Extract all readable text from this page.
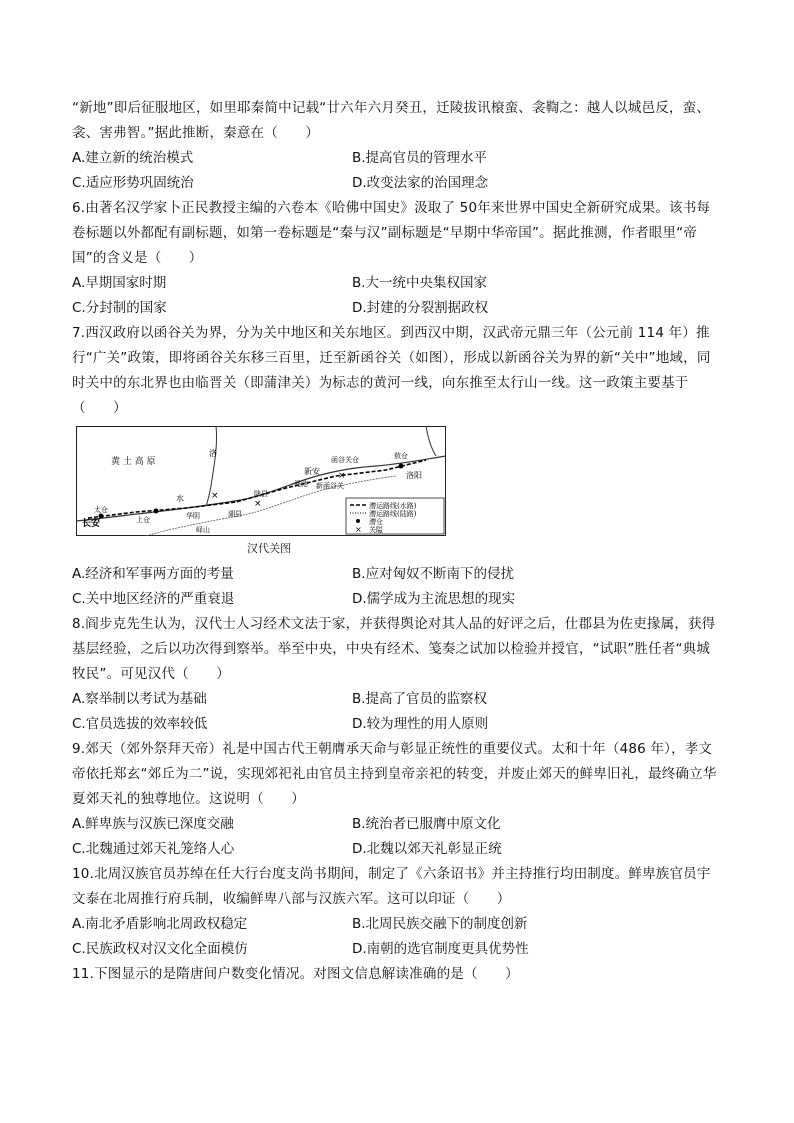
“新地”即后征服地区，如里耶秦简中记载“廿六年六月癸丑，迁陵拔讯榱蛮、衾鞫之：越人以城邑反，蛮、衾、害弗智。”据此推断，秦意在（　　）

A.建立新的统治模式	B.提高官员的管理水平
C.适应形势巩固统治	D.改变法家的治国理念

6.由著名汉学家卜正民教授主编的六卷本《哈佛中国史》汲取了 50年来世界中国史全新研究成果。该书每卷标题以外都配有副标题，如第一卷标题是“秦与汉”副标题是“早期中华帝国”。据此推测，作者眼里“帝国”的含义是（　　）

A.早期国家时期	B.大一统中央集权国家
C.分封制的国家	D.封建的分裂割据政权

7.西汉政府以函谷关为界，分为关中地区和关东地区。到西汉中期，汉武帝元鼎三年（公元前 114 年）推行“广关”政策，即将函谷关东移三百里，迁至新函谷关（如图），形成以新函谷关为界的新“关中”地域，同时关中的东北界也由临晋关（即蒲津关）为标志的黄河一线，向东推至太行山一线。这一政策主要基于（　　）

×
×
×
黄 土 高 原
洛
水
长安
太仓
上仓	华阴
峄山
湖县
陕县
渑池
新安
函谷关仓
新函谷关
敖仓
洛阳
漕运路线(水路)
漕运路线(陆路)
漕仓
× 关隘
汉代关图
A.经济和军事两方面的考量	B.应对匈奴不断南下的侵扰
C.关中地区经济的严重衰退	D.儒学成为主流思想的现实

8.阎步克先生认为，汉代士人习经术文法于家，并获得舆论对其人品的好评之后，仕郡县为佐吏掾属，获得基层经验，之后以功次得到察举。举至中央，中央有经术、笺奏之试加以检验并授官，“试职”胜任者“典城牧民”。可见汉代（　　）

A.察举制以考试为基础	B.提高了官员的监察权
C.官员选拔的效率较低	D.较为理性的用人原则

9.郊天（郊外祭拜天帝）礼是中国古代王朝膺承天命与彰显正统性的重要仪式。太和十年（486 年），孝文帝依托郑玄“郊丘为二”说，实现郊祀礼由官员主持到皇帝亲祀的转变，并废止郊天的鲜卑旧礼，最终确立华夏郊天礼的独尊地位。这说明（　　）

A.鲜卑族与汉族已深度交融	B.统治者已服膺中原文化
C.北魏通过郊天礼笼络人心	D.北魏以郊天礼彰显正统

10.北周汉族官员苏绰在任大行台度支尚书期间，制定了《六条诏书》并主持推行均田制度。鲜卑族官员宇文泰在北周推行府兵制，收编鲜卑八部与汉族六军。这可以印证（　　）

A.南北矛盾影响北周政权稳定	B.北周民族交融下的制度创新
C.民族政权对汉文化全面模仿	D.南朝的选官制度更具优势性

11.下图显示的是隋唐间户数变化情况。对图文信息解读准确的是（　　）
